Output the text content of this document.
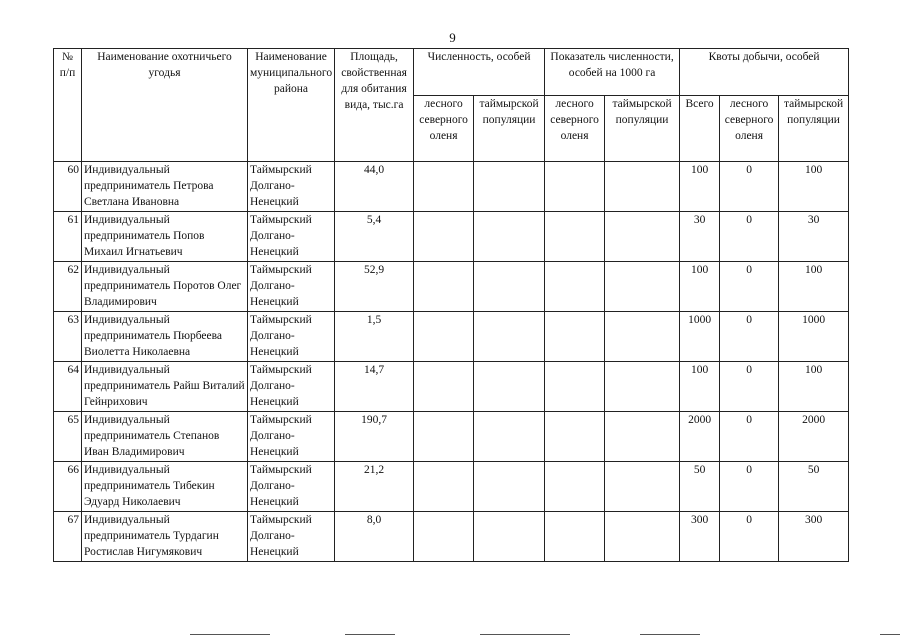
9
№ п/п	Наименование охотничьего угодья	Наименование муниципального района	Площадь, свойственная для обитания вида, тыс.га	Численность, особей		Показатель численности, особей на 1000 га		Квоты добычи, особей		
				лесного северного оленя	таймырской популяции	лесного северного оленя	таймырской популяции	Всего	лесного северного оленя	таймырской популяции
60	Индивидуальный предприниматель Петрова Светлана Ивановна	Таймырский Долгано-Ненецкий	44,0					100	0	100
61	Индивидуальный предприниматель Попов Михаил Игнатьевич	Таймырский Долгано-Ненецкий	5,4					30	0	30
62	Индивидуальный предприниматель Поротов Олег Владимирович	Таймырский Долгано-Ненецкий	52,9					100	0	100
63	Индивидуальный предприниматель Пюрбеева Виолетта Николаевна	Таймырский Долгано-Ненецкий	1,5					1000	0	1000
64	Индивидуальный предприниматель Райш Виталий Гейнрихович	Таймырский Долгано-Ненецкий	14,7					100	0	100
65	Индивидуальный предприниматель Степанов Иван Владимирович	Таймырский Долгано-Ненецкий	190,7					2000	0	2000
66	Индивидуальный предприниматель Тибекин Эдуард Николаевич	Таймырский Долгано-Ненецкий	21,2					50	0	50
67	Индивидуальный предприниматель Турдагин Ростислав Нигумякович	Таймырский Долгано-Ненецкий	8,0					300	0	300
